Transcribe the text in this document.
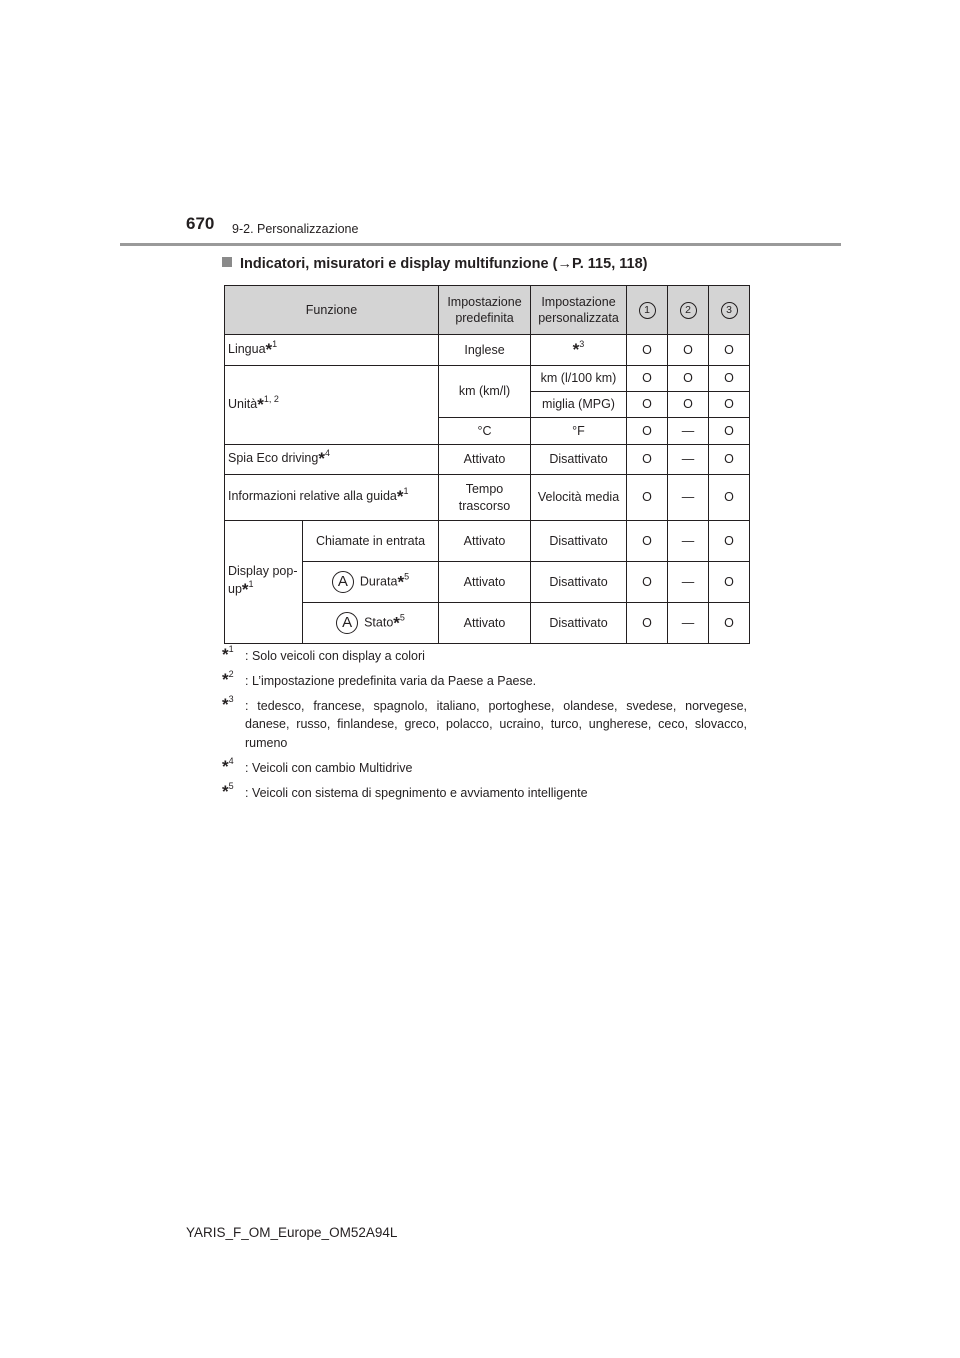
670 9-2. Personalizzazione
Indicatori, misuratori e display multifunzione (→P. 115, 118)
Funzione		Impostazione predefinita	Impostazione personalizzata	1	2	3
Lingua*$^1$		Inglese	*$^3$	O	O	O
Unità*$^{1, 2}$		km (km/l)	km (l/100 km)	O	O	O
			miglia (MPG)	O	O	O
		°C	°F	O	—	O
Spia Eco driving*$^4$		Attivato	Disattivato	O	—	O
Informazioni relative alla guida*$^1$		Tempo trascorso	Velocità media	O	—	O
Display pop-up*$^1$	Chiamate in entrata	Attivato	Disattivato	O	—	O
	A Durata*$^5$	Attivato	Disattivato	O	—	O
	A Stato*$^5$	Attivato	Disattivato	O	—	O
*$^1$ : Solo veicoli con display a colori
*$^2$ : L’impostazione predefinita varia da Paese a Paese.
*$^3$ : tedesco, francese, spagnolo, italiano, portoghese, olandese, svedese, norvegese, danese, russo, finlandese, greco, polacco, ucraino, turco, ungherese, ceco, slovacco, rumeno
*$^4$ : Veicoli con cambio Multidrive
*$^5$ : Veicoli con sistema di spegnimento e avviamento intelligente
YARIS_F_OM_Europe_OM52A94L
